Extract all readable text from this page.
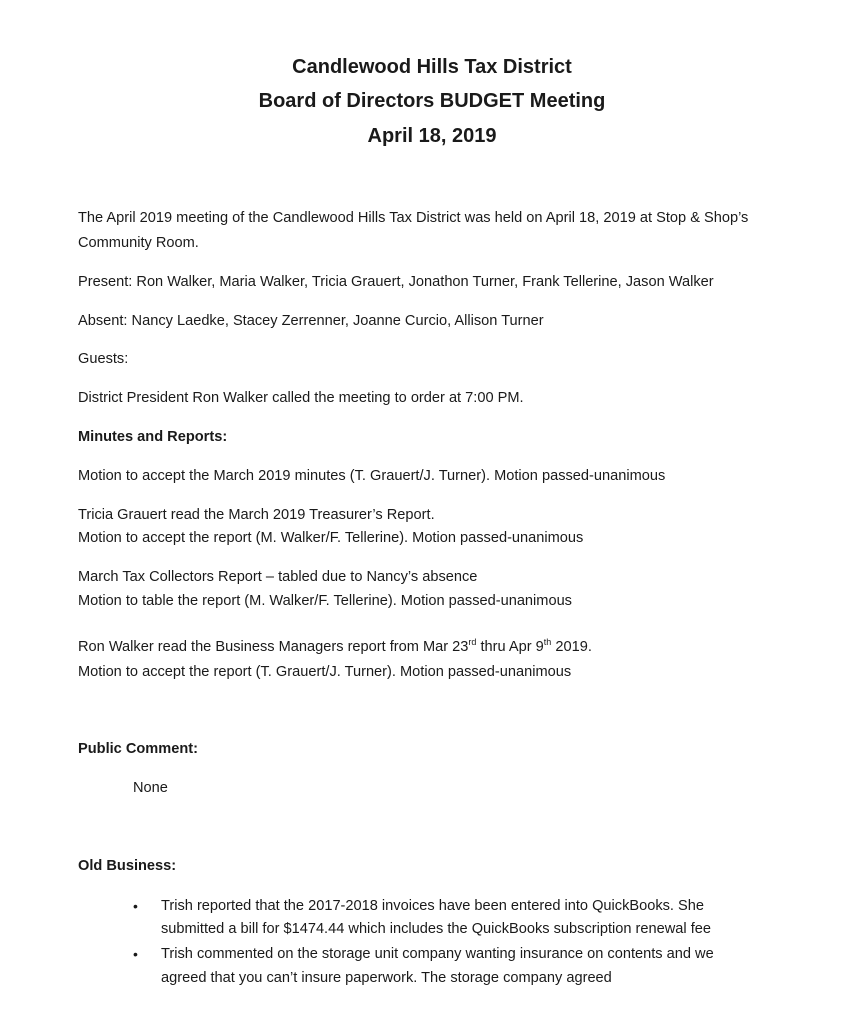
Candlewood Hills Tax District
Board of Directors BUDGET Meeting
April 18, 2019
The April 2019 meeting of the Candlewood Hills Tax District was held on April 18, 2019 at Stop & Shop’s
Community Room.
Present: Ron Walker, Maria Walker, Tricia Grauert, Jonathon Turner, Frank Tellerine, Jason Walker
Absent: Nancy Laedke, Stacey Zerrenner, Joanne Curcio, Allison Turner
Guests:
District President Ron Walker called the meeting to order at 7:00 PM.
Minutes and Reports:
Motion to accept the March 2019 minutes (T. Grauert/J. Turner). Motion passed-unanimous
Tricia Grauert read the March 2019 Treasurer’s Report.
Motion to accept the report (M. Walker/F. Tellerine). Motion passed-unanimous
March Tax Collectors Report – tabled due to Nancy’s absence
Motion to table the report (M. Walker/F. Tellerine). Motion passed-unanimous
Ron Walker read the Business Managers report from Mar 23rd thru Apr 9th 2019.
Motion to accept the report (T. Grauert/J. Turner). Motion passed-unanimous
Public Comment:
None
Old Business:
• Trish reported that the 2017-2018 invoices have been entered into QuickBooks. She
submitted a bill for $1474.44 which includes the QuickBooks subscription renewal fee
• Trish commented on the storage unit company wanting insurance on contents and we
agreed that you can’t insure paperwork. The storage company agreed
